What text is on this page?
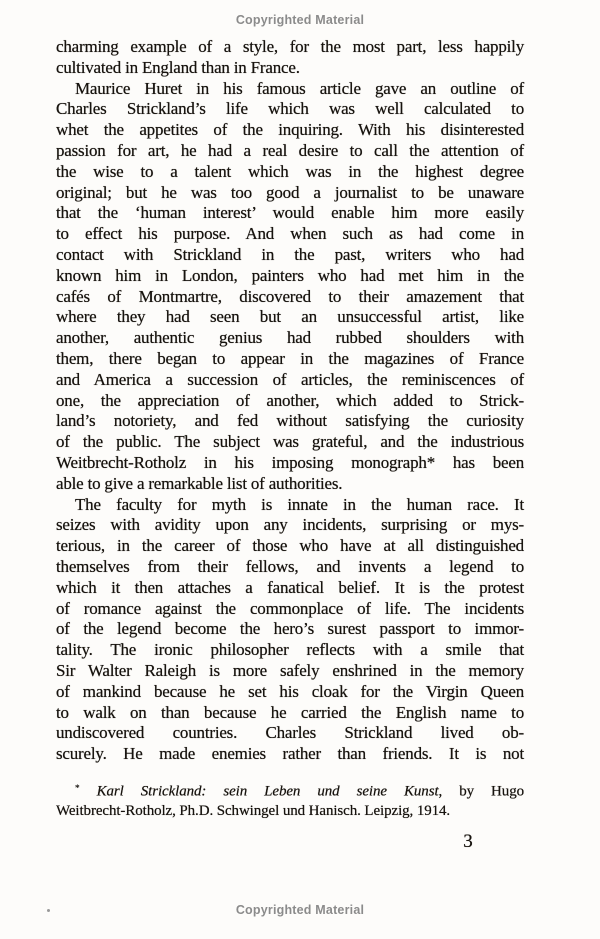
Copyrighted Material
charming example of a style, for the most part, less happily
cultivated in England than in France.
Maurice Huret in his famous article gave an outline of
Charles Strickland’s life which was well calculated to
whet the appetites of the inquiring. With his disinterested
passion for art, he had a real desire to call the attention of
the wise to a talent which was in the highest degree
original; but he was too good a journalist to be unaware
that the ‘human interest’ would enable him more easily
to effect his purpose. And when such as had come in
contact with Strickland in the past, writers who had
known him in London, painters who had met him in the
cafés of Montmartre, discovered to their amazement that
where they had seen but an unsuccessful artist, like
another, authentic genius had rubbed shoulders with
them, there began to appear in the magazines of France
and America a succession of articles, the reminiscences of
one, the appreciation of another, which added to Strick-
land’s notoriety, and fed without satisfying the curiosity
of the public. The subject was grateful, and the industrious
Weitbrecht-Rotholz in his imposing monograph* has been
able to give a remarkable list of authorities.
The faculty for myth is innate in the human race. It
seizes with avidity upon any incidents, surprising or mys-
terious, in the career of those who have at all distinguished
themselves from their fellows, and invents a legend to
which it then attaches a fanatical belief. It is the protest
of romance against the commonplace of life. The incidents
of the legend become the hero’s surest passport to immor-
tality. The ironic philosopher reflects with a smile that
Sir Walter Raleigh is more safely enshrined in the memory
of mankind because he set his cloak for the Virgin Queen
to walk on than because he carried the English name to
undiscovered countries. Charles Strickland lived ob-
scurely. He made enemies rather than friends. It is not
* Karl Strickland: sein Leben und seine Kunst, by Hugo
Weitbrecht-Rotholz, Ph.D. Schwingel und Hanisch. Leipzig, 1914.
3
Copyrighted Material
